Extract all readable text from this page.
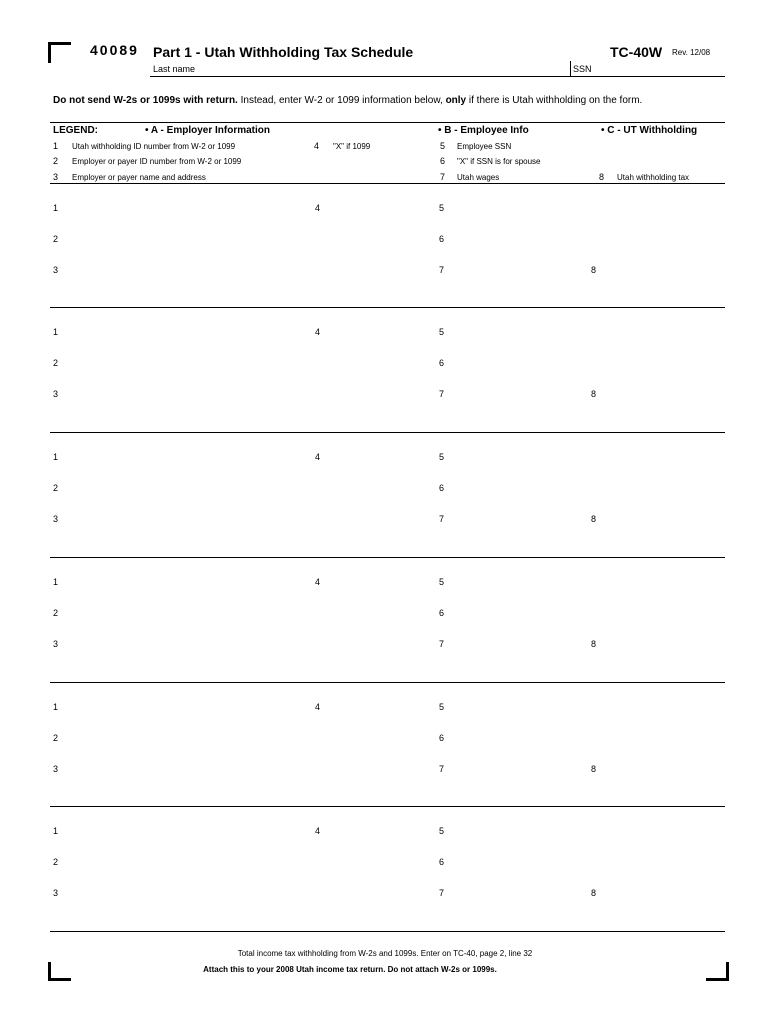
40089 Part 1 - Utah Withholding Tax Schedule	TC-40W Rev. 12/08
Last name	SSN
Do not send W-2s or 1099s with return. Instead, enter W-2 or 1099 information below, only if there is Utah withholding on the form.
LEGEND:	• A - Employer Information	• B - Employee Info	• C - UT Withholding
1 Utah withholding ID number from W-2 or 1099
2 Employer or payer ID number from W-2 or 1099
3 Employer or payer name and address
4 "X" if 1099	5 Employee SSN
6 "X" if SSN is for spouse
7 Utah wages	8 Utah withholding tax
1	4	5
2	6
3	7	8
1	4	5
2	6
3	7	8
1	4	5
2	6
3	7	8
1	4	5
2	6
3	7	8
1	4	5
2	6
3	7	8
1	4	5
2	6
3	7	8
Total income tax withholding from W-2s and 1099s. Enter on TC-40, page 2, line 32
Attach this to your 2008 Utah income tax return. Do not attach W-2s or 1099s.
